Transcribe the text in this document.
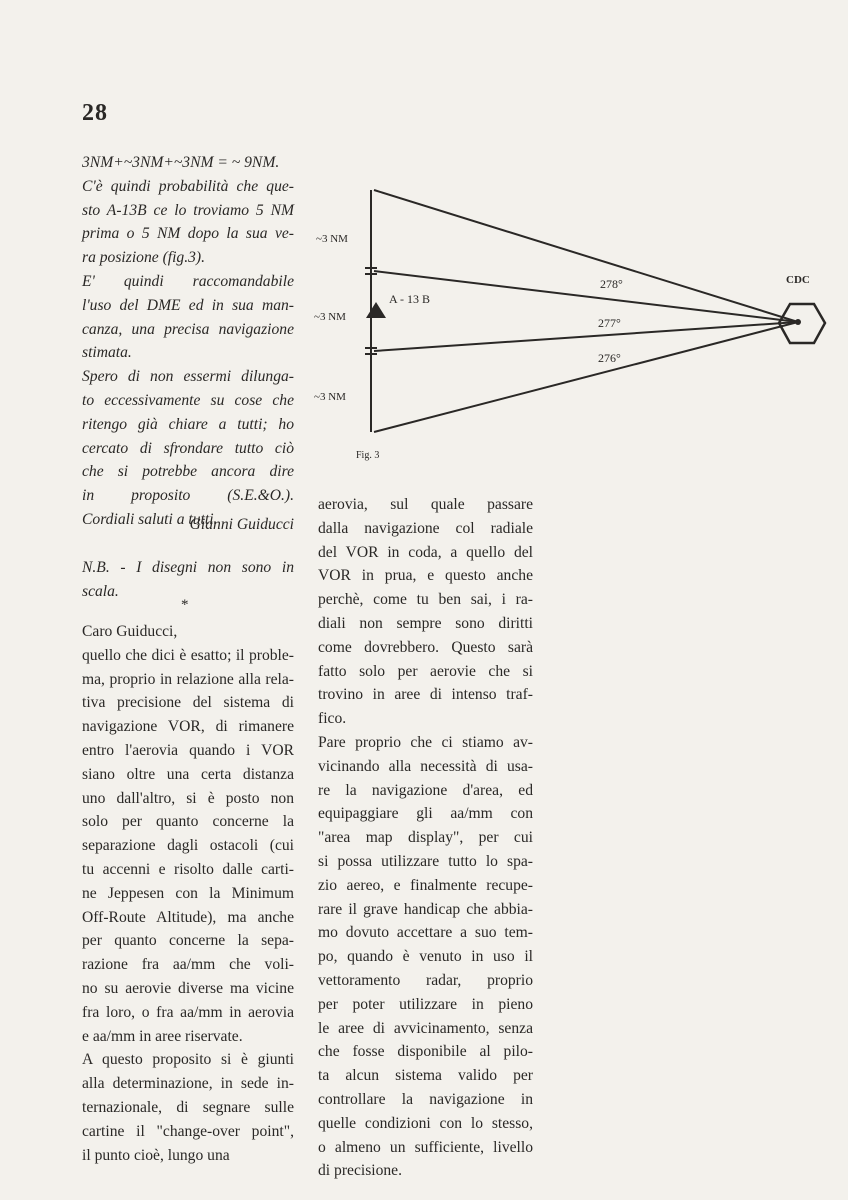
28
3NM+~3NM+~3NM = ~ 9NM.
C'è quindi probabilità che que-
sto A-13B ce lo troviamo 5 NM
prima o 5 NM dopo la sua ve-
ra posizione (fig.3).
E' quindi raccomandabile
l'uso del DME ed in sua man-
canza, una precisa navigazione
stimata.
Spero di non essermi dilunga-
to eccessivamente su cose che
ritengo già chiare a tutti; ho
cercato di sfrondare tutto ciò
che si potrebbe ancora dire
in proposito (S.E.&O.).
Cordiali saluti a tutti.
Gianni Guiducci
N.B. - I disegni non sono in
scala.
*
Caro Guiducci,
quello che dici è esatto; il proble-
ma, proprio in relazione alla rela-
tiva precisione del sistema di
navigazione VOR, di rimanere
entro l'aerovia quando i VOR
siano oltre una certa distanza
uno dall'altro, si è posto non
solo per quanto concerne la
separazione dagli ostacoli (cui
tu accenni e risolto dalle carti-
ne Jeppesen con la Minimum
Off-Route Altitude), ma anche
per quanto concerne la sepa-
razione fra aa/mm che voli-
no su aerovie diverse ma vicine
fra loro, o fra aa/mm in aerovia
e aa/mm in aree riservate.
A questo proposito si è giunti
alla determinazione, in sede in-
ternazionale, di segnare sulle
cartine il "change-over point",
il punto cioè, lungo una
aerovia, sul quale passare
dalla navigazione col radiale
del VOR in coda, a quello del
VOR in prua, e questo anche
perchè, come tu ben sai, i ra-
diali non sempre sono diritti
come dovrebbero. Questo sarà
fatto solo per aerovie che si
trovino in aree di intenso traf-
fico.
Pare proprio che ci stiamo av-
vicinando alla necessità di usa-
re la navigazione d'area, ed
equipaggiare gli aa/mm con
"area map display", per cui
si possa utilizzare tutto lo spa-
zio aereo, e finalmente recupe-
rare il grave handicap che abbia-
mo dovuto accettare a suo tem-
po, quando è venuto in uso il
vettoramento radar, proprio
per poter utilizzare in pieno
le aree di avvicinamento, senza
che fosse disponibile al pilo-
ta alcun sistema valido per
controllare la navigazione in
quelle condizioni con lo stesso,
o almeno un sufficiente, livello
di precisione.
CDC
A - 13 B
~3 NM
~3 NM
~3 NM
278°
277°
276°
Fig. 3
